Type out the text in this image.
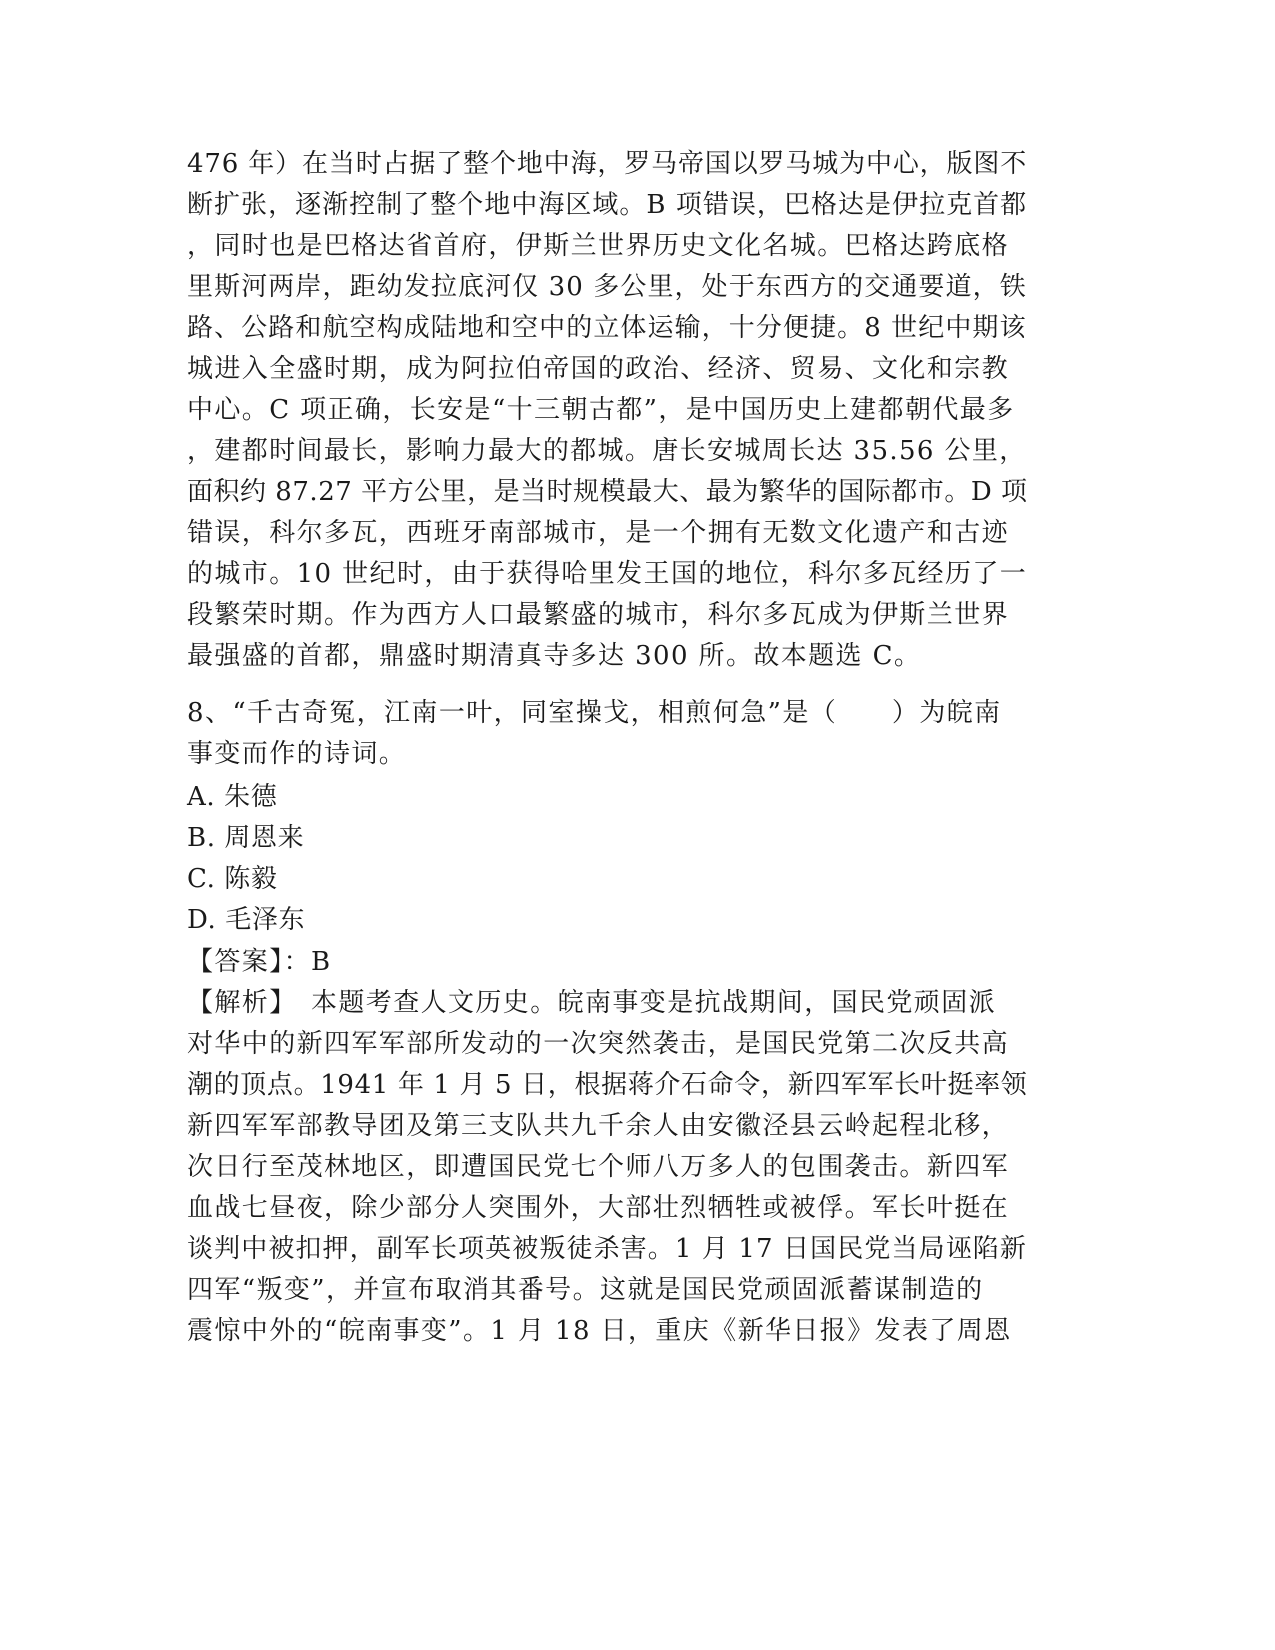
476 年）在当时占据了整个地中海，罗马帝国以罗马城为中心，版图不
断扩张，逐渐控制了整个地中海区域。B 项错误，巴格达是伊拉克首都
，同时也是巴格达省首府，伊斯兰世界历史文化名城。巴格达跨底格
里斯河两岸，距幼发拉底河仅 30 多公里，处于东西方的交通要道，铁
路、公路和航空构成陆地和空中的立体运输，十分便捷。8 世纪中期该
城进入全盛时期，成为阿拉伯帝国的政治、经济、贸易、文化和宗教
中心。C 项正确，长安是“十三朝古都”，是中国历史上建都朝代最多
，建都时间最长，影响力最大的都城。唐长安城周长达 35.56 公里，
面积约 87.27 平方公里，是当时规模最大、最为繁华的国际都市。D 项
错误，科尔多瓦，西班牙南部城市，是一个拥有无数文化遗产和古迹
的城市。10 世纪时，由于获得哈里发王国的地位，科尔多瓦经历了一
段繁荣时期。作为西方人口最繁盛的城市，科尔多瓦成为伊斯兰世界
最强盛的首都，鼎盛时期清真寺多达 300 所。故本题选 C。
8、“千古奇冤，江南一叶，同室操戈，相煎何急”是（　　）为皖南
事变而作的诗词。
A. 朱德
B. 周恩来
C. 陈毅
D. 毛泽东
【答案】：B
【解析】　本题考查人文历史。皖南事变是抗战期间，国民党顽固派
对华中的新四军军部所发动的一次突然袭击，是国民党第二次反共高
潮的顶点。1941 年 1 月 5 日，根据蒋介石命令，新四军军长叶挺率领
新四军军部教导团及第三支队共九千余人由安徽泾县云岭起程北移，
次日行至茂林地区，即遭国民党七个师八万多人的包围袭击。新四军
血战七昼夜，除少部分人突围外，大部壮烈牺牲或被俘。军长叶挺在
谈判中被扣押，副军长项英被叛徒杀害。1 月 17 日国民党当局诬陷新
四军“叛变”，并宣布取消其番号。这就是国民党顽固派蓄谋制造的
震惊中外的“皖南事变”。1 月 18 日，重庆《新华日报》发表了周恩
